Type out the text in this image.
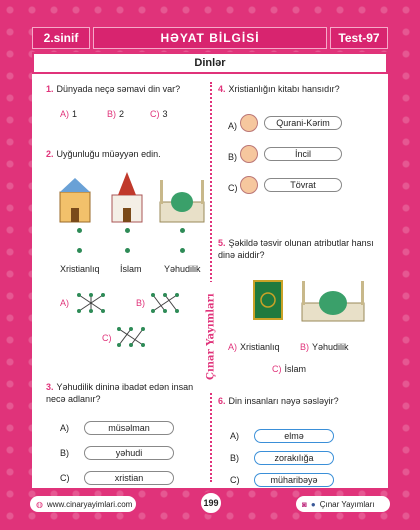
2.sinif	HƏYAT BİLGİSİ	Test-97
Dinlər
Çınar Yayımları
1. Dünyada neçə səmavi din var?
A) 1	B) 2	C) 3
2. Uyğunluğu müəyyən edin.
Xristianlıq İslam Yəhudilik
A)	B)
C)
3. Yəhudilik dininə ibadət edən insan necə adlanır?
A)	müsəlman
B)	yəhudi
C)	xristian
4. Xristianlığın kitabı hansıdır?
A)	Qurani-Kərim
B)	İncil
C)	Tövrat
5. Şəkildə təsvir olunan atributlar hansı dinə aiddir?
A) Xristianlıq B) Yəhudilik
C) İslam
6. Din insanları nəyə səsləyir?
A)	elmə
B)	zorakılığa
C)	müharibəyə
◍ www.cinaryayimlari.com	199	◙ ● Çınar Yayımları
